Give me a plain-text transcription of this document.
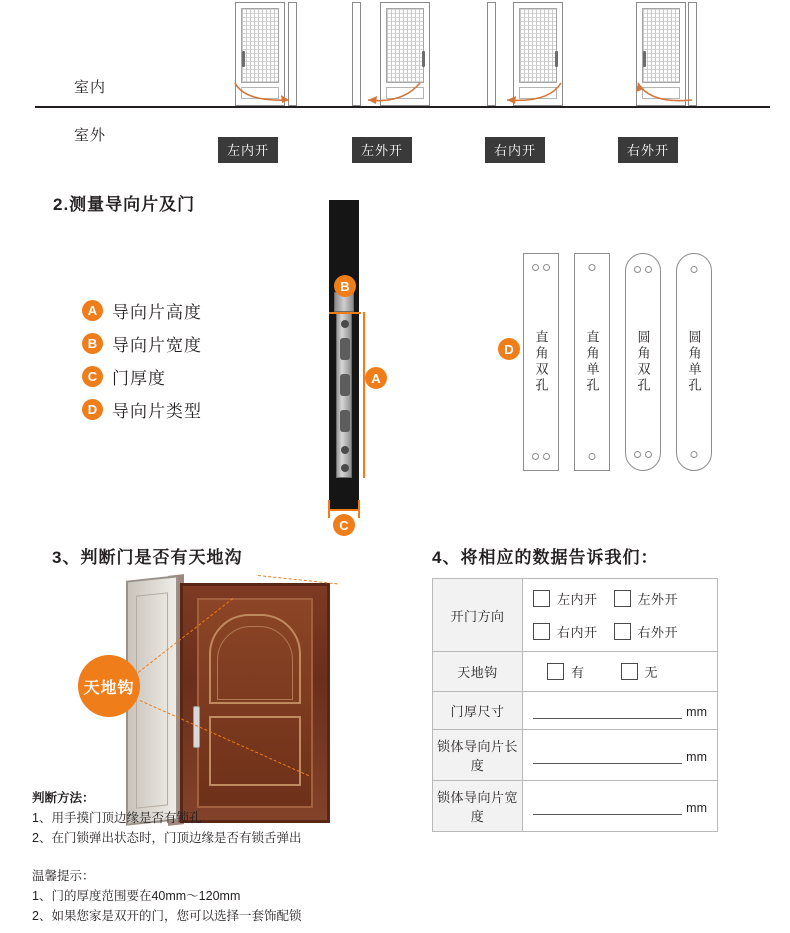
室内
室外
左内开	左外开	右内开	右外开
2.测量导向片及门
A 导向片高度
B 导向片宽度
C 门厚度
D 导向片类型
B
A
C
D	直角双孔	直角单孔	圆角双孔	圆角单孔
3、判断门是否有天地沟
天地钩
判断方法：
1、用手摸门顶边缘是否有锁孔
2、在门锁弹出状态时，门顶边缘是否有锁舌弹出
温馨提示：
1、门的厚度范围要在40mm～120mm
2、如果您家是双开的门，您可以选择一套饰配锁
4、将相应的数据告诉我们：
开门方向	左内开 左外开
右内开 右外开

天地钩	有 无

门厚尺寸	mm

锁体导向片长度	mm

锁体导向片宽度	mm
